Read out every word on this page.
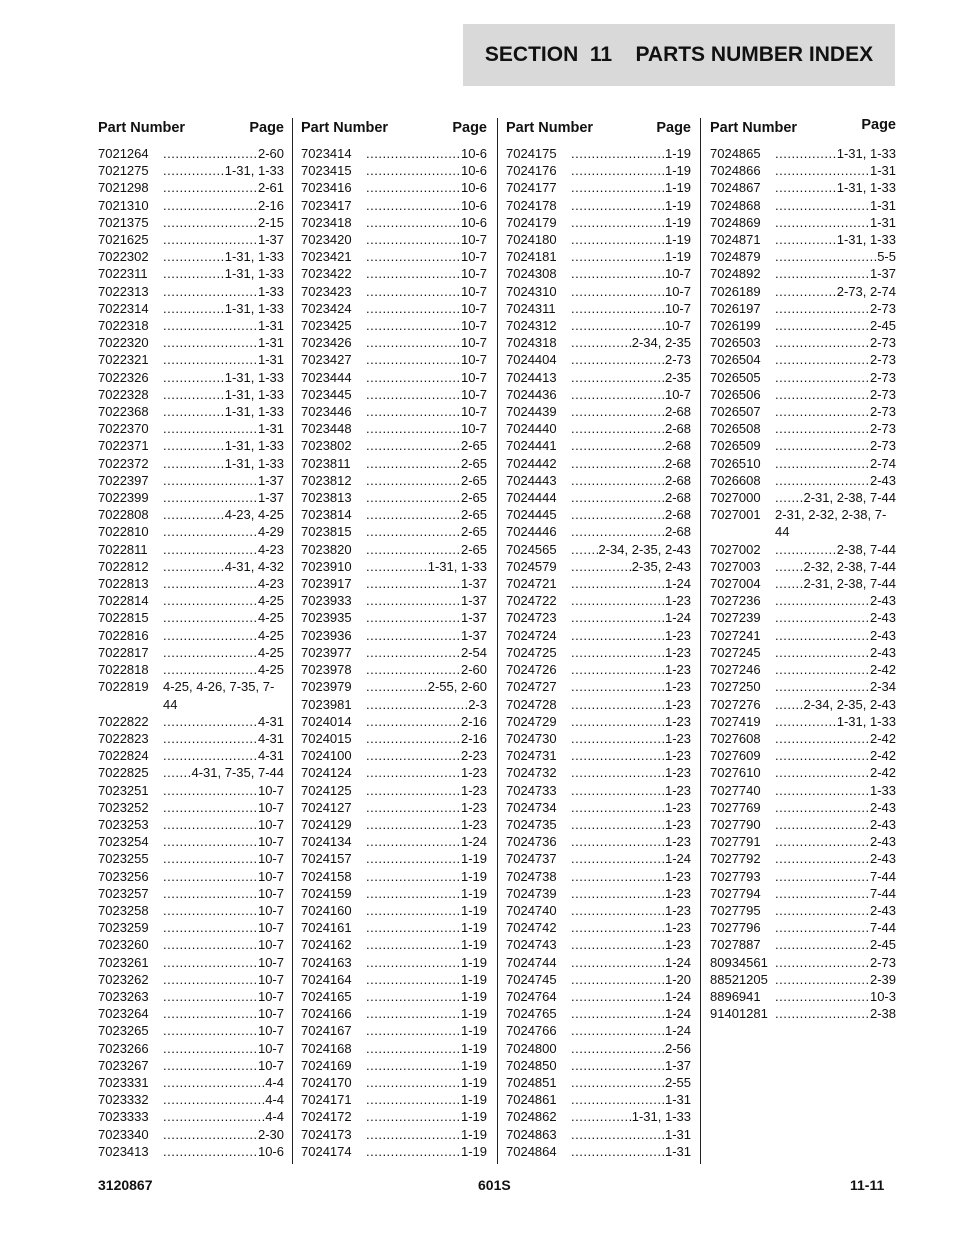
SECTION  11    PARTS NUMBER INDEX
Part Number	Page
7021264 .....	2-60
7021275 .....	1-31, 1-33
7021298 .....	2-61
7021310 .....	2-16
7021375 .....	2-15
7021625 .....	1-37
7022302 .....	1-31, 1-33
7022311 .....	1-31, 1-33
7022313 .....	1-33
7022314 .....	1-31, 1-33
7022318 .....	1-31
7022320 .....	1-31
7022321 .....	1-31
7022326 .....	1-31, 1-33
7022328 .....	1-31, 1-33
7022368 .....	1-31, 1-33
7022370 .....	1-31
7022371 .....	1-31, 1-33
7022372 .....	1-31, 1-33
7022397 .....	1-37
7022399 .....	1-37
7022808 .....	4-23, 4-25
7022810 .....	4-29
7022811 .....	4-23
7022812 .....	4-31, 4-32
7022813 .....	4-23
7022814 .....	4-25
7022815 .....	4-25
7022816 .....	4-25
7022817 .....	4-25
7022818 .....	4-25
7022819 4-25, 4-26, 7-35, 7-44
7022822 .....	4-31
7022823 .....	4-31
7022824 .....	4-31
7022825 .....	4-31, 7-35, 7-44
7023251 .....	10-7
7023252 .....	10-7
7023253 .....	10-7
7023254 .....	10-7
7023255 .....	10-7
7023256 .....	10-7
7023257 .....	10-7
7023258 .....	10-7
7023259 .....	10-7
7023260 .....	10-7
7023261 .....	10-7
7023262 .....	10-7
7023263 .....	10-7
7023264 .....	10-7
7023265 .....	10-7
7023266 .....	10-7
7023267 .....	10-7
7023331 .....	4-4
7023332 .....	4-4
7023333 .....	4-4
7023340 .....	2-30
7023413 .....	10-6
Part Number	Page
7023414 .....	10-6
7023415 .....	10-6
7023416 .....	10-6
7023417 .....	10-6
7023418 .....	10-6
7023420 .....	10-7
7023421 .....	10-7
7023422 .....	10-7
7023423 .....	10-7
7023424 .....	10-7
7023425 .....	10-7
7023426 .....	10-7
7023427 .....	10-7
7023444 .....	10-7
7023445 .....	10-7
7023446 .....	10-7
7023448 .....	10-7
7023802 .....	2-65
7023811 .....	2-65
7023812 .....	2-65
7023813 .....	2-65
7023814 .....	2-65
7023815 .....	2-65
7023820 .....	2-65
7023910 .....	1-31, 1-33
7023917 .....	1-37
7023933 .....	1-37
7023935 .....	1-37
7023936 .....	1-37
7023977 .....	2-54
7023978 .....	2-60
7023979 .....	2-55, 2-60
7023981 .....	2-3
7024014 .....	2-16
7024015 .....	2-16
7024100 .....	2-23
7024124 .....	1-23
7024125 .....	1-23
7024127 .....	1-23
7024129 .....	1-23
7024134 .....	1-24
7024157 .....	1-19
7024158 .....	1-19
7024159 .....	1-19
7024160 .....	1-19
7024161 .....	1-19
7024162 .....	1-19
7024163 .....	1-19
7024164 .....	1-19
7024165 .....	1-19
7024166 .....	1-19
7024167 .....	1-19
7024168 .....	1-19
7024169 .....	1-19
7024170 .....	1-19
7024171 .....	1-19
7024172 .....	1-19
7024173 .....	1-19
7024174 .....	1-19
Part Number	Page
7024175 .....	1-19
7024176 .....	1-19
7024177 .....	1-19
7024178 .....	1-19
7024179 .....	1-19
7024180 .....	1-19
7024181 .....	1-19
7024308 .....	10-7
7024310 .....	10-7
7024311 .....	10-7
7024312 .....	10-7
7024318 .....	2-34, 2-35
7024404 .....	2-73
7024413 .....	2-35
7024436 .....	10-7
7024439 .....	2-68
7024440 .....	2-68
7024441 .....	2-68
7024442 .....	2-68
7024443 .....	2-68
7024444 .....	2-68
7024445 .....	2-68
7024446 .....	2-68
7024565 .....	2-34, 2-35, 2-43
7024579 .....	2-35, 2-43
7024721 .....	1-24
7024722 .....	1-23
7024723 .....	1-24
7024724 .....	1-23
7024725 .....	1-23
7024726 .....	1-23
7024727 .....	1-23
7024728 .....	1-23
7024729 .....	1-23
7024730 .....	1-23
7024731 .....	1-23
7024732 .....	1-23
7024733 .....	1-23
7024734 .....	1-23
7024735 .....	1-23
7024736 .....	1-23
7024737 .....	1-24
7024738 .....	1-23
7024739 .....	1-23
7024740 .....	1-23
7024742 .....	1-23
7024743 .....	1-23
7024744 .....	1-24
7024745 .....	1-20
7024764 .....	1-24
7024765 .....	1-24
7024766 .....	1-24
7024800 .....	2-56
7024850 .....	1-37
7024851 .....	2-55
7024861 .....	1-31
7024862 .....	1-31, 1-33
7024863 .....	1-31
7024864 .....	1-31
Part Number	Page
7024865 .....	1-31, 1-33
7024866 .....	1-31
7024867 .....	1-31, 1-33
7024868 .....	1-31
7024869 .....	1-31
7024871 .....	1-31, 1-33
7024879 .....	5-5
7024892 .....	1-37
7026189 .....	2-73, 2-74
7026197 .....	2-73
7026199 .....	2-45
7026503 .....	2-73
7026504 .....	2-73
7026505 .....	2-73
7026506 .....	2-73
7026507 .....	2-73
7026508 .....	2-73
7026509 .....	2-73
7026510 .....	2-74
7026608 .....	2-43
7027000 .....	2-31, 2-38, 7-44
7027001 2-31, 2-32, 2-38, 7-44
7027002 .....	2-38, 7-44
7027003 .....	2-32, 2-38, 7-44
7027004 .....	2-31, 2-38, 7-44
7027236 .....	2-43
7027239 .....	2-43
7027241 .....	2-43
7027245 .....	2-43
7027246 .....	2-42
7027250 .....	2-34
7027276 .....	2-34, 2-35, 2-43
7027419 .....	1-31, 1-33
7027608 .....	2-42
7027609 .....	2-42
7027610 .....	2-42
7027740 .....	1-33
7027769 .....	2-43
7027790 .....	2-43
7027791 .....	2-43
7027792 .....	2-43
7027793 .....	7-44
7027794 .....	7-44
7027795 .....	2-43
7027796 .....	7-44
7027887 .....	2-45
80934561 .....	2-73
88521205 .....	2-39
8896941 .....	10-3
91401281 .....	2-38
3120867	601S	11-11
